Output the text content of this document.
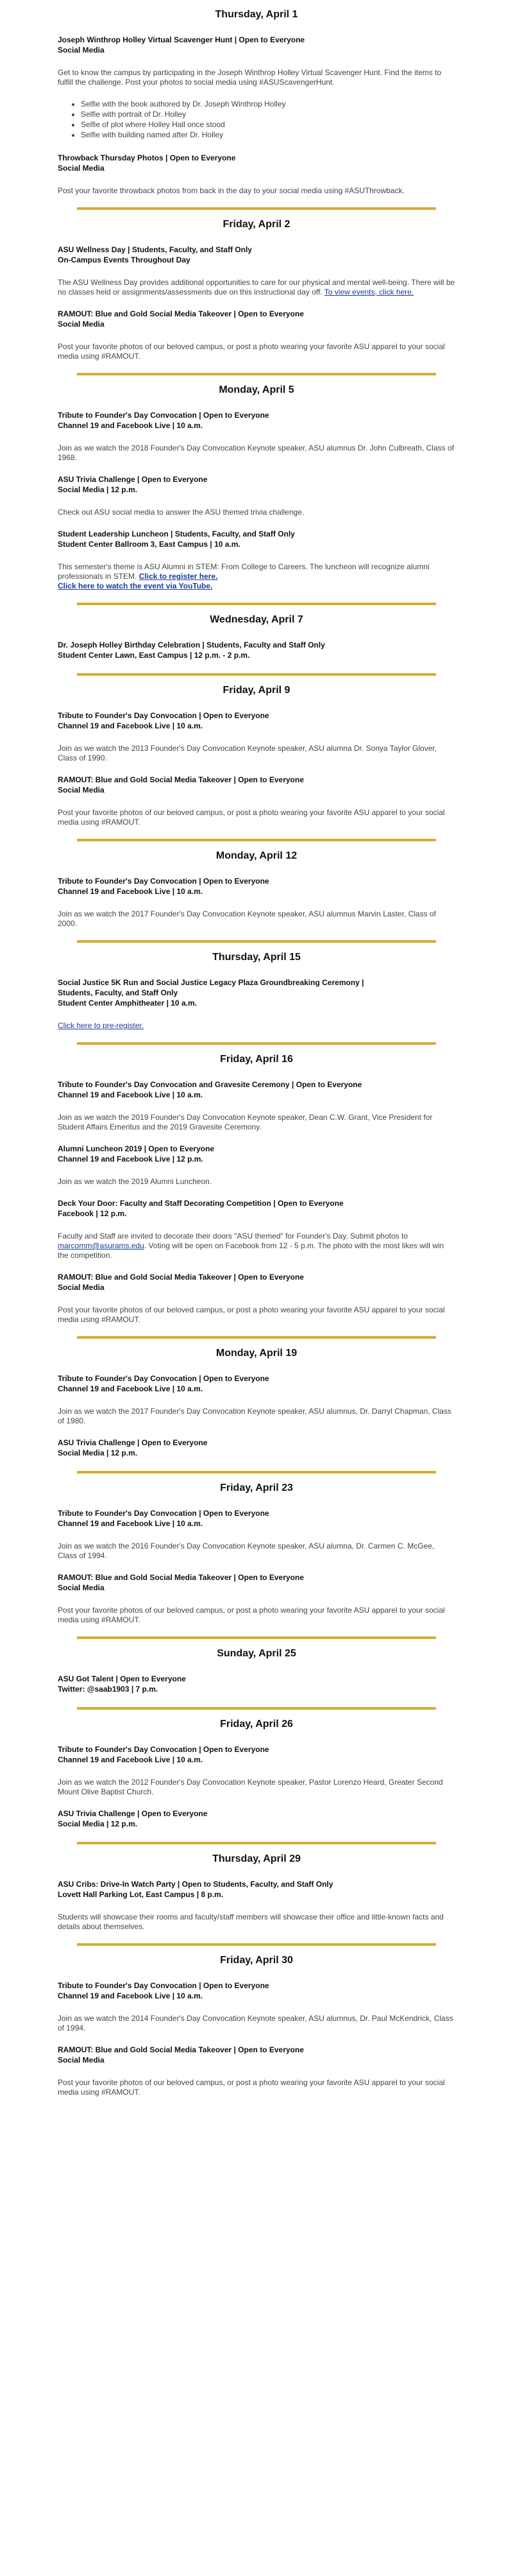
Thursday, April 1
Joseph Winthrop Holley Virtual Scavenger Hunt | Open to Everyone
Social Media
Get to know the campus by participating in the Joseph Winthrop Holley Virtual Scavenger Hunt. Find the items to fulfill the challenge. Post your photos to social media using #ASUScavengerHunt.
• Selfie with the book authored by Dr. Joseph Winthrop Holley
• Selfie with portrait of Dr. Holley
• Selfie of plot where Holley Hall once stood
• Selfie with building named after Dr. Holley
Throwback Thursday Photos | Open to Everyone
Social Media
Post your favorite throwback photos from back in the day to your social media using #ASUThrowback.
Friday, April 2
ASU Wellness Day | Students, Faculty, and Staff Only
On-Campus Events Throughout Day
The ASU Wellness Day provides additional opportunities to care for our physical and mental well-being. There will be no classes held or assignments/assessments due on this instructional day off. To view events, click here.
RAMOUT: Blue and Gold Social Media Takeover | Open to Everyone
Social Media
Post your favorite photos of our beloved campus, or post a photo wearing your favorite ASU apparel to your social media using #RAMOUT.
Monday, April 5
Tribute to Founder's Day Convocation | Open to Everyone
Channel 19 and Facebook Live | 10 a.m.
Join as we watch the 2018 Founder's Day Convocation Keynote speaker, ASU alumnus Dr. John Culbreath, Class of 1968.
ASU Trivia Challenge | Open to Everyone
Social Media | 12 p.m.
Check out ASU social media to answer the ASU themed trivia challenge.
Student Leadership Luncheon | Students, Faculty, and Staff Only
Student Center Ballroom 3, East Campus | 10 a.m.
This semester's theme is ASU Alumni in STEM: From College to Careers. The luncheon will recognize alumni professionals in STEM. Click to register here.
Click here to watch the event via YouTube.
Wednesday, April 7
Dr. Joseph Holley Birthday Celebration | Students, Faculty and Staff Only
Student Center Lawn, East Campus | 12 p.m. - 2 p.m.
Friday, April 9
Tribute to Founder's Day Convocation | Open to Everyone
Channel 19 and Facebook Live | 10 a.m.
Join as we watch the 2013 Founder's Day Convocation Keynote speaker, ASU alumna Dr. Sonya Taylor Glover, Class of 1990.
RAMOUT: Blue and Gold Social Media Takeover | Open to Everyone
Social Media
Post your favorite photos of our beloved campus, or post a photo wearing your favorite ASU apparel to your social media using #RAMOUT.
Monday, April 12
Tribute to Founder's Day Convocation | Open to Everyone
Channel 19 and Facebook Live | 10 a.m.
Join as we watch the 2017 Founder's Day Convocation Keynote speaker, ASU alumnus Marvin Laster, Class of 2000.
Thursday, April 15
Social Justice 5K Run and Social Justice Legacy Plaza Groundbreaking Ceremony |
Students, Faculty, and Staff Only
Student Center Amphitheater | 10 a.m.
Click here to pre-register.
Friday, April 16
Tribute to Founder's Day Convocation and Gravesite Ceremony | Open to Everyone
Channel 19 and Facebook Live | 10 a.m.
Join as we watch the 2019 Founder's Day Convocation Keynote speaker, Dean C.W. Grant, Vice President for Student Affairs Emeritus and the 2019 Gravesite Ceremony.
Alumni Luncheon 2019 | Open to Everyone
Channel 19 and Facebook Live | 12 p.m.
Join as we watch the 2019 Alumni Luncheon.
Deck Your Door: Faculty and Staff Decorating Competition | Open to Everyone
Facebook | 12 p.m.
Faculty and Staff are invited to decorate their doors "ASU themed" for Founder's Day. Submit photos to marcomm@asurams.edu. Voting will be open on Facebook from 12 - 5 p.m. The photo with the most likes will win the competition.
RAMOUT: Blue and Gold Social Media Takeover | Open to Everyone
Social Media
Post your favorite photos of our beloved campus, or post a photo wearing your favorite ASU apparel to your social media using #RAMOUT.
Monday, April 19
Tribute to Founder's Day Convocation | Open to Everyone
Channel 19 and Facebook Live | 10 a.m.
Join as we watch the 2017 Founder's Day Convocation Keynote speaker, ASU alumnus, Dr. Darryl Chapman, Class of 1980.
ASU Trivia Challenge | Open to Everyone
Social Media | 12 p.m.
Friday, April 23
Tribute to Founder's Day Convocation | Open to Everyone
Channel 19 and Facebook Live | 10 a.m.
Join as we watch the 2016 Founder's Day Convocation Keynote speaker, ASU alumna, Dr. Carmen C. McGee, Class of 1994.
RAMOUT: Blue and Gold Social Media Takeover | Open to Everyone
Social Media
Post your favorite photos of our beloved campus, or post a photo wearing your favorite ASU apparel to your social media using #RAMOUT.
Sunday, April 25
ASU Got Talent | Open to Everyone
Twitter: @saab1903 | 7 p.m.
Friday, April 26
Tribute to Founder's Day Convocation | Open to Everyone
Channel 19 and Facebook Live | 10 a.m.
Join as we watch the 2012 Founder's Day Convocation Keynote speaker, Pastor Lorenzo Heard, Greater Second Mount Olive Baptist Church.
ASU Trivia Challenge | Open to Everyone
Social Media | 12 p.m.
Thursday, April 29
ASU Cribs: Drive-In Watch Party | Open to Students, Faculty, and Staff Only
Lovett Hall Parking Lot, East Campus | 8 p.m.
Students will showcase their rooms and faculty/staff members will showcase their office and little-known facts and details about themselves.
Friday, April 30
Tribute to Founder's Day Convocation | Open to Everyone
Channel 19 and Facebook Live | 10 a.m.
Join as we watch the 2014 Founder's Day Convocation Keynote speaker, ASU alumnus, Dr. Paul McKendrick, Class of 1994.
RAMOUT: Blue and Gold Social Media Takeover | Open to Everyone
Social Media
Post your favorite photos of our beloved campus, or post a photo wearing your favorite ASU apparel to your social media using #RAMOUT.
